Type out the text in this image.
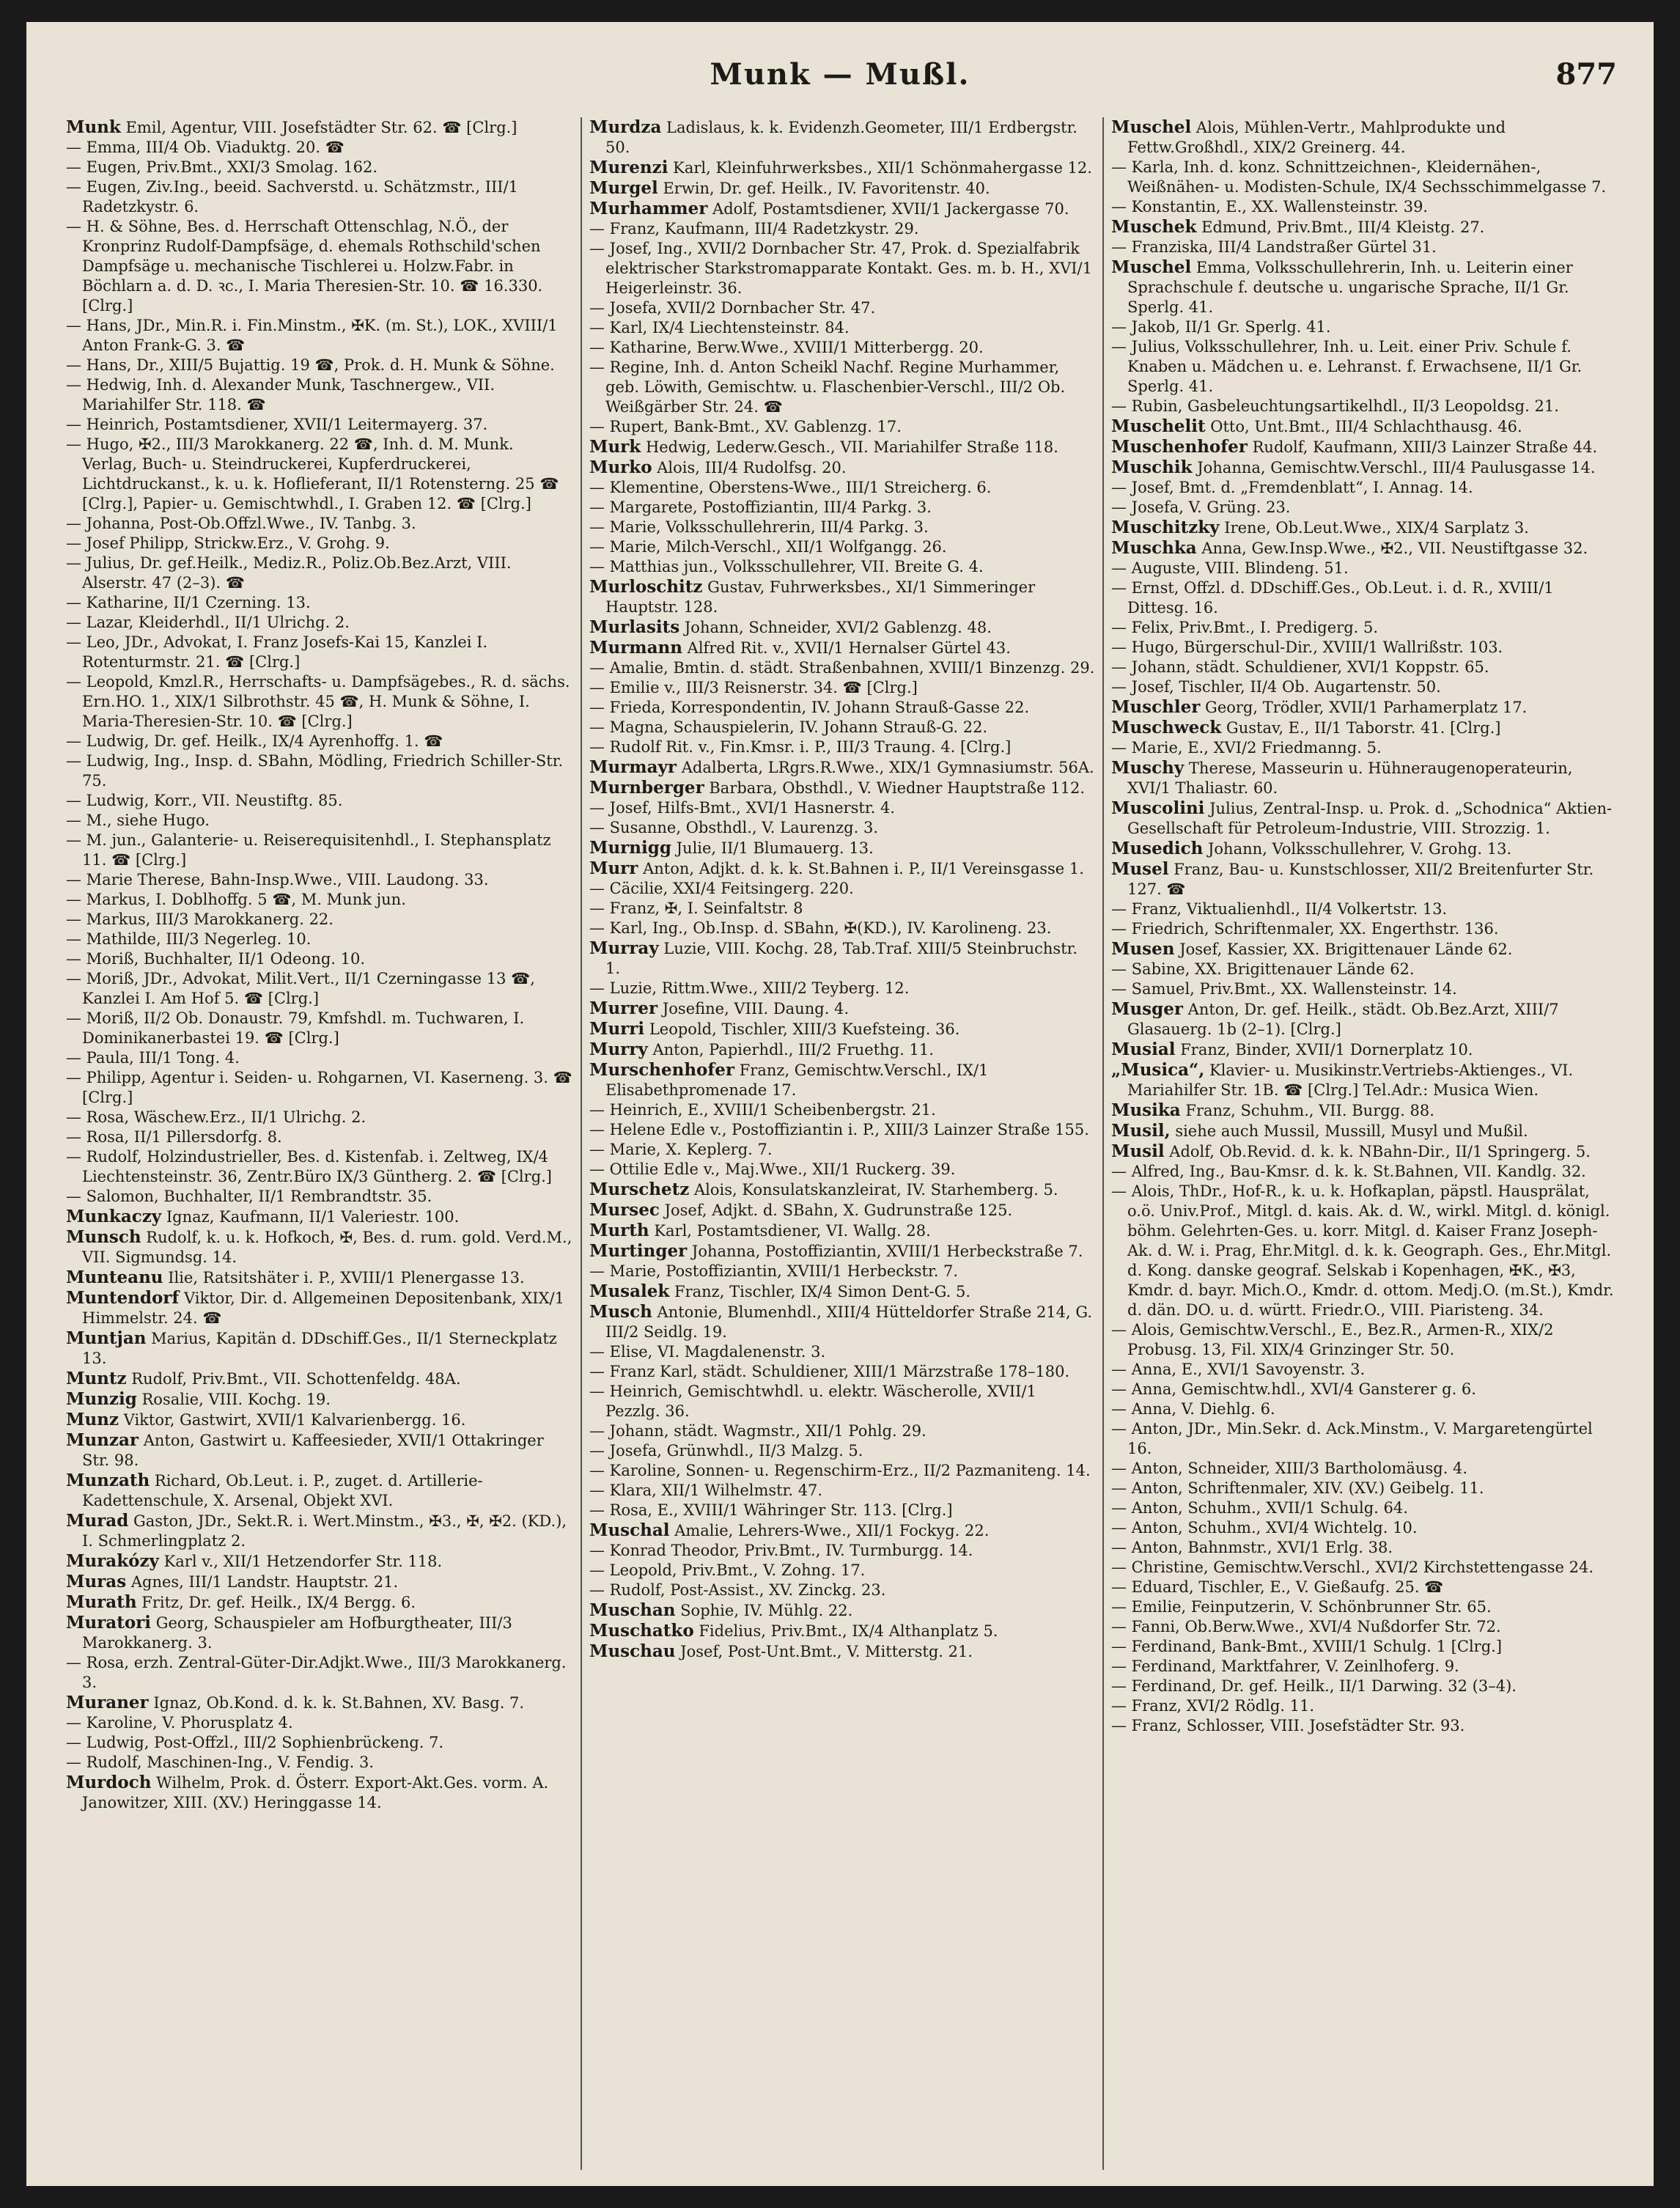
Munk — Mußl.	877
Munk Emil, Agentur, VIII. Josefstädter Str. 62. ☎ [Clrg.]
— Emma, III/4 Ob. Viaduktg. 20. ☎
— Eugen, Priv.Bmt., XXI/3 Smolag. 162.
— Eugen, Ziv.Ing., beeid. Sachverstd. u. Schätzmstr., III/1 Radetzkystr. 6.
— H. & Söhne, Bes. d. Herrschaft Ottenschlag, N.Ö., der Kronprinz Rudolf-Dampfsäge, d. ehemals Rothschild'schen Dampfsäge u. mechanische Tischlerei u. Holzw.Fabr. in Böchlarn a. d. D. ꝛc., I. Maria Theresien-Str. 10. ☎ 16.330. [Clrg.]
— Hans, JDr., Min.R. i. Fin.Minstm., ✠K. (m. St.), LOK., XVIII/1 Anton Frank-G. 3. ☎
— Hans, Dr., XIII/5 Bujattig. 19 ☎, Prok. d. H. Munk & Söhne.
— Hedwig, Inh. d. Alexander Munk, Taschnergew., VII. Mariahilfer Str. 118. ☎
— Heinrich, Postamtsdiener, XVII/1 Leitermayerg. 37.
— Hugo, ✠2., III/3 Marokkanerg. 22 ☎, Inh. d. M. Munk. Verlag, Buch- u. Steindruckerei, Kupferdruckerei, Lichtdruckanst., k. u. k. Hoflieferant, II/1 Rotensterng. 25 ☎ [Clrg.], Papier- u. Gemischtwhdl., I. Graben 12. ☎ [Clrg.]
— Johanna, Post-Ob.Offzl.Wwe., IV. Tanbg. 3.
— Josef Philipp, Strickw.Erz., V. Grohg. 9.
— Julius, Dr. gef.Heilk., Mediz.R., Poliz.Ob.Bez.Arzt, VIII. Alserstr. 47 (2–3). ☎
— Katharine, II/1 Czerning. 13.
— Lazar, Kleiderhdl., II/1 Ulrichg. 2.
— Leo, JDr., Advokat, I. Franz Josefs-Kai 15, Kanzlei I. Rotenturmstr. 21. ☎ [Clrg.]
— Leopold, Kmzl.R., Herrschafts- u. Dampfsägebes., R. d. sächs. Ern.HO. 1., XIX/1 Silbrothstr. 45 ☎, H. Munk & Söhne, I. Maria-Theresien-Str. 10. ☎ [Clrg.]
— Ludwig, Dr. gef. Heilk., IX/4 Ayrenhoffg. 1. ☎
— Ludwig, Ing., Insp. d. SBahn, Mödling, Friedrich Schiller-Str. 75.
— Ludwig, Korr., VII. Neustiftg. 85.
— M., siehe Hugo.
— M. jun., Galanterie- u. Reiserequisitenhdl., I. Stephansplatz 11. ☎ [Clrg.]
— Marie Therese, Bahn-Insp.Wwe., VIII. Laudong. 33.
— Markus, I. Doblhoffg. 5 ☎, M. Munk jun.
— Markus, III/3 Marokkanerg. 22.
— Mathilde, III/3 Negerleg. 10.
— Moriß, Buchhalter, II/1 Odeong. 10.
— Moriß, JDr., Advokat, Milit.Vert., II/1 Czerningasse 13 ☎, Kanzlei I. Am Hof 5. ☎ [Clrg.]
— Moriß, II/2 Ob. Donaustr. 79, Kmfshdl. m. Tuchwaren, I. Dominikanerbastei 19. ☎ [Clrg.]
— Paula, III/1 Tong. 4.
— Philipp, Agentur i. Seiden- u. Rohgarnen, VI. Kaserneng. 3. ☎ [Clrg.]
— Rosa, Wäschew.Erz., II/1 Ulrichg. 2.
— Rosa, II/1 Pillersdorfg. 8.
— Rudolf, Holzindustrieller, Bes. d. Kistenfab. i. Zeltweg, IX/4 Liechtensteinstr. 36, Zentr.Büro IX/3 Güntherg. 2. ☎ [Clrg.]
— Salomon, Buchhalter, II/1 Rembrandtstr. 35.
Munkaczy Ignaz, Kaufmann, II/1 Valeriestr. 100.
Munsch Rudolf, k. u. k. Hofkoch, ✠, Bes. d. rum. gold. Verd.M., VII. Sigmundsg. 14.
Munteanu Ilie, Ratsitshäter i. P., XVIII/1 Plenergasse 13.
Muntendorf Viktor, Dir. d. Allgemeinen Depositenbank, XIX/1 Himmelstr. 24. ☎
Muntjan Marius, Kapitän d. DDschiff.Ges., II/1 Sterneckplatz 13.
Muntz Rudolf, Priv.Bmt., VII. Schottenfeldg. 48A.
Munzig Rosalie, VIII. Kochg. 19.
Munz Viktor, Gastwirt, XVII/1 Kalvarienbergg. 16.
Munzar Anton, Gastwirt u. Kaffeesieder, XVII/1 Ottakringer Str. 98.
Munzath Richard, Ob.Leut. i. P., zuget. d. Artillerie-Kadettenschule, X. Arsenal, Objekt XVI.
Murad Gaston, JDr., Sekt.R. i. Wert.Minstm., ✠3., ✠, ✠2. (KD.), I. Schmerlingplatz 2.
Murakózy Karl v., XII/1 Hetzendorfer Str. 118.
Muras Agnes, III/1 Landstr. Hauptstr. 21.
Murath Fritz, Dr. gef. Heilk., IX/4 Bergg. 6.
Muratori Georg, Schauspieler am Hofburgtheater, III/3 Marokkanerg. 3.
— Rosa, erzh. Zentral-Güter-Dir.Adjkt.Wwe., III/3 Marokkanerg. 3.
Muraner Ignaz, Ob.Kond. d. k. k. St.Bahnen, XV. Basg. 7.
— Karoline, V. Phorusplatz 4.
— Ludwig, Post-Offzl., III/2 Sophienbrückeng. 7.
— Rudolf, Maschinen-Ing., V. Fendig. 3.
Murdoch Wilhelm, Prok. d. Österr. Export-Akt.Ges. vorm. A. Janowitzer, XIII. (XV.) Heringgasse 14.
Murdza Ladislaus, k. k. Evidenzh.Geometer, III/1 Erdbergstr. 50.
Murenzi Karl, Kleinfuhrwerksbes., XII/1 Schönmahergasse 12.
Murgel Erwin, Dr. gef. Heilk., IV. Favoritenstr. 40.
Murhammer Adolf, Postamtsdiener, XVII/1 Jackergasse 70.
— Franz, Kaufmann, III/4 Radetzkystr. 29.
— Josef, Ing., XVII/2 Dornbacher Str. 47, Prok. d. Spezialfabrik elektrischer Starkstromapparate Kontakt. Ges. m. b. H., XVI/1 Heigerleinstr. 36.
— Josefa, XVII/2 Dornbacher Str. 47.
— Karl, IX/4 Liechtensteinstr. 84.
— Katharine, Berw.Wwe., XVIII/1 Mitterbergg. 20.
— Regine, Inh. d. Anton Scheikl Nachf. Regine Murhammer, geb. Löwith, Gemischtw. u. Flaschenbier-Verschl., III/2 Ob. Weißgärber Str. 24. ☎
— Rupert, Bank-Bmt., XV. Gablenzg. 17.
Murk Hedwig, Lederw.Gesch., VII. Mariahilfer Straße 118.
Murko Alois, III/4 Rudolfsg. 20.
— Klementine, Oberstens-Wwe., III/1 Streicherg. 6.
— Margarete, Postoffiziantin, III/4 Parkg. 3.
— Marie, Volksschullehrerin, III/4 Parkg. 3.
— Marie, Milch-Verschl., XII/1 Wolfgangg. 26.
— Matthias jun., Volksschullehrer, VII. Breite G. 4.
Murloschitz Gustav, Fuhrwerksbes., XI/1 Simmeringer Hauptstr. 128.
Murlasits Johann, Schneider, XVI/2 Gablenzg. 48.
Murmann Alfred Rit. v., XVII/1 Hernalser Gürtel 43.
— Amalie, Bmtin. d. städt. Straßenbahnen, XVIII/1 Binzenzg. 29.
— Emilie v., III/3 Reisnerstr. 34. ☎ [Clrg.]
— Frieda, Korrespondentin, IV. Johann Strauß-Gasse 22.
— Magna, Schauspielerin, IV. Johann Strauß-G. 22.
— Rudolf Rit. v., Fin.Kmsr. i. P., III/3 Traung. 4. [Clrg.]
Murmayr Adalberta, LRgrs.R.Wwe., XIX/1 Gymnasiumstr. 56A.
Murnberger Barbara, Obsthdl., V. Wiedner Hauptstraße 112.
— Josef, Hilfs-Bmt., XVI/1 Hasnerstr. 4.
— Susanne, Obsthdl., V. Laurenzg. 3.
Murnigg Julie, II/1 Blumauerg. 13.
Murr Anton, Adjkt. d. k. k. St.Bahnen i. P., II/1 Vereinsgasse 1.
— Cäcilie, XXI/4 Feitsingerg. 220.
— Franz, ✠, I. Seinfaltstr. 8
— Karl, Ing., Ob.Insp. d. SBahn, ✠(KD.), IV. Karolineng. 23.
Murray Luzie, VIII. Kochg. 28, Tab.Traf. XIII/5 Steinbruchstr. 1.
— Luzie, Rittm.Wwe., XIII/2 Teyberg. 12.
Murrer Josefine, VIII. Daung. 4.
Murri Leopold, Tischler, XIII/3 Kuefsteing. 36.
Murry Anton, Papierhdl., III/2 Fruethg. 11.
Murschenhofer Franz, Gemischtw.Verschl., IX/1 Elisabethpromenade 17.
— Heinrich, E., XVIII/1 Scheibenbergstr. 21.
— Helene Edle v., Postoffiziantin i. P., XIII/3 Lainzer Straße 155.
— Marie, X. Keplerg. 7.
— Ottilie Edle v., Maj.Wwe., XII/1 Ruckerg. 39.
Murschetz Alois, Konsulatskanzleirat, IV. Starhemberg. 5.
Mursec Josef, Adjkt. d. SBahn, X. Gudrunstraße 125.
Murth Karl, Postamtsdiener, VI. Wallg. 28.
Murtinger Johanna, Postoffiziantin, XVIII/1 Herbeckstraße 7.
— Marie, Postoffiziantin, XVIII/1 Herbeckstr. 7.
Musalek Franz, Tischler, IX/4 Simon Dent-G. 5.
Musch Antonie, Blumenhdl., XIII/4 Hütteldorfer Straße 214, G. III/2 Seidlg. 19.
— Elise, VI. Magdalenenstr. 3.
— Franz Karl, städt. Schuldiener, XIII/1 Märzstraße 178–180.
— Heinrich, Gemischtwhdl. u. elektr. Wäscherolle, XVII/1 Pezzlg. 36.
— Johann, städt. Wagmstr., XII/1 Pohlg. 29.
— Josefa, Grünwhdl., II/3 Malzg. 5.
— Karoline, Sonnen- u. Regenschirm-Erz., II/2 Pazmaniteng. 14.
— Klara, XII/1 Wilhelmstr. 47.
— Rosa, E., XVIII/1 Währinger Str. 113. [Clrg.]
Muschal Amalie, Lehrers-Wwe., XII/1 Fockyg. 22.
— Konrad Theodor, Priv.Bmt., IV. Turmburgg. 14.
— Leopold, Priv.Bmt., V. Zohng. 17.
— Rudolf, Post-Assist., XV. Zinckg. 23.
Muschan Sophie, IV. Mühlg. 22.
Muschatko Fidelius, Priv.Bmt., IX/4 Althanplatz 5.
Muschau Josef, Post-Unt.Bmt., V. Mitterstg. 21.
Muschel Alois, Mühlen-Vertr., Mahlprodukte und Fettw.Großhdl., XIX/2 Greinerg. 44.
— Karla, Inh. d. konz. Schnittzeichnen-, Kleidernähen-, Weißnähen- u. Modisten-Schule, IX/4 Sechsschimmelgasse 7.
— Konstantin, E., XX. Wallensteinstr. 39.
Muschek Edmund, Priv.Bmt., III/4 Kleistg. 27.
— Franziska, III/4 Landstraßer Gürtel 31.
Muschel Emma, Volksschullehrerin, Inh. u. Leiterin einer Sprachschule f. deutsche u. ungarische Sprache, II/1 Gr. Sperlg. 41.
— Jakob, II/1 Gr. Sperlg. 41.
— Julius, Volksschullehrer, Inh. u. Leit. einer Priv. Schule f. Knaben u. Mädchen u. e. Lehranst. f. Erwachsene, II/1 Gr. Sperlg. 41.
— Rubin, Gasbeleuchtungsartikelhdl., II/3 Leopoldsg. 21.
Muschelit Otto, Unt.Bmt., III/4 Schlachthausg. 46.
Muschenhofer Rudolf, Kaufmann, XIII/3 Lainzer Straße 44.
Muschik Johanna, Gemischtw.Verschl., III/4 Paulusgasse 14.
— Josef, Bmt. d. „Fremdenblatt“, I. Annag. 14.
— Josefa, V. Grüng. 23.
Muschitzky Irene, Ob.Leut.Wwe., XIX/4 Sarplatz 3.
Muschka Anna, Gew.Insp.Wwe., ✠2., VII. Neustiftgasse 32.
— Auguste, VIII. Blindeng. 51.
— Ernst, Offzl. d. DDschiff.Ges., Ob.Leut. i. d. R., XVIII/1 Dittesg. 16.
— Felix, Priv.Bmt., I. Predigerg. 5.
— Hugo, Bürgerschul-Dir., XVIII/1 Wallrißstr. 103.
— Johann, städt. Schuldiener, XVI/1 Koppstr. 65.
— Josef, Tischler, II/4 Ob. Augartenstr. 50.
Muschler Georg, Trödler, XVII/1 Parhamerplatz 17.
Muschweck Gustav, E., II/1 Taborstr. 41. [Clrg.]
— Marie, E., XVI/2 Friedmanng. 5.
Muschy Therese, Masseurin u. Hühneraugenoperateurin, XVI/1 Thaliastr. 60.
Muscolini Julius, Zentral-Insp. u. Prok. d. „Schodnica“ Aktien-Gesellschaft für Petroleum-Industrie, VIII. Strozzig. 1.
Musedich Johann, Volksschullehrer, V. Grohg. 13.
Musel Franz, Bau- u. Kunstschlosser, XII/2 Breitenfurter Str. 127. ☎
— Franz, Viktualienhdl., II/4 Volkertstr. 13.
— Friedrich, Schriftenmaler, XX. Engerthstr. 136.
Musen Josef, Kassier, XX. Brigittenauer Lände 62.
— Sabine, XX. Brigittenauer Lände 62.
— Samuel, Priv.Bmt., XX. Wallensteinstr. 14.
Musger Anton, Dr. gef. Heilk., städt. Ob.Bez.Arzt, XIII/7 Glasauerg. 1b (2–1). [Clrg.]
Musial Franz, Binder, XVII/1 Dornerplatz 10.
„Musica“, Klavier- u. Musikinstr.Vertriebs-Aktienges., VI. Mariahilfer Str. 1B. ☎ [Clrg.] Tel.Adr.: Musica Wien.
Musika Franz, Schuhm., VII. Burgg. 88.
Musil, siehe auch Mussil, Mussill, Musyl und Mußil.
Musil Adolf, Ob.Revid. d. k. k. NBahn-Dir., II/1 Springerg. 5.
— Alfred, Ing., Bau-Kmsr. d. k. k. St.Bahnen, VII. Kandlg. 32.
— Alois, ThDr., Hof-R., k. u. k. Hofkaplan, päpstl. Hausprälat, o.ö. Univ.Prof., Mitgl. d. kais. Ak. d. W., wirkl. Mitgl. d. königl. böhm. Gelehrten-Ges. u. korr. Mitgl. d. Kaiser Franz Joseph-Ak. d. W. i. Prag, Ehr.Mitgl. d. k. k. Geograph. Ges., Ehr.Mitgl. d. Kong. danske geograf. Selskab i Kopenhagen, ✠K., ✠3, Kmdr. d. bayr. Mich.O., Kmdr. d. ottom. Medj.O. (m.St.), Kmdr. d. dän. DO. u. d. württ. Friedr.O., VIII. Piaristeng. 34.
— Alois, Gemischtw.Verschl., E., Bez.R., Armen-R., XIX/2 Probusg. 13, Fil. XIX/4 Grinzinger Str. 50.
— Anna, E., XVI/1 Savoyenstr. 3.
— Anna, Gemischtw.hdl., XVI/4 Gansterer g. 6.
— Anna, V. Diehlg. 6.
— Anton, JDr., Min.Sekr. d. Ack.Minstm., V. Margaretengürtel 16.
— Anton, Schneider, XIII/3 Bartholomäusg. 4.
— Anton, Schriftenmaler, XIV. (XV.) Geibelg. 11.
— Anton, Schuhm., XVII/1 Schulg. 64.
— Anton, Schuhm., XVI/4 Wichtelg. 10.
— Anton, Bahnmstr., XVI/1 Erlg. 38.
— Christine, Gemischtw.Verschl., XVI/2 Kirchstettengasse 24.
— Eduard, Tischler, E., V. Gießaufg. 25. ☎
— Emilie, Feinputzerin, V. Schönbrunner Str. 65.
— Fanni, Ob.Berw.Wwe., XVI/4 Nußdorfer Str. 72.
— Ferdinand, Bank-Bmt., XVIII/1 Schulg. 1 [Clrg.]
— Ferdinand, Marktfahrer, V. Zeinlhoferg. 9.
— Ferdinand, Dr. gef. Heilk., II/1 Darwing. 32 (3–4).
— Franz, XVI/2 Rödlg. 11.
— Franz, Schlosser, VIII. Josefstädter Str. 93.
